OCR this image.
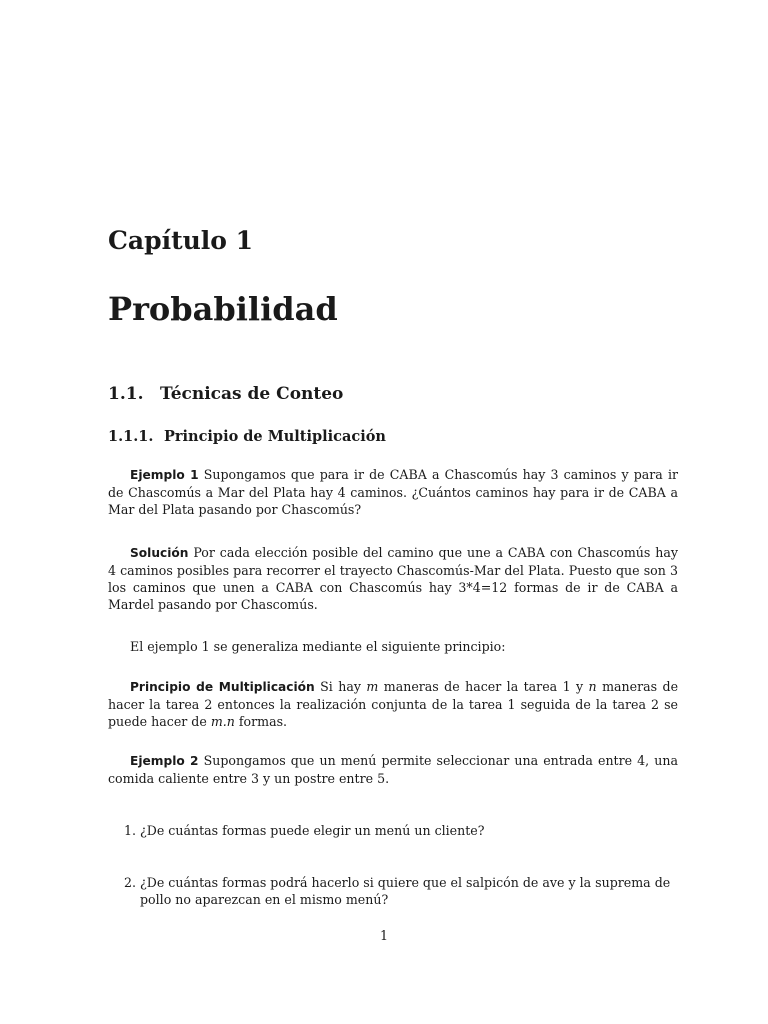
Capítulo 1
Probabilidad
1.1. Técnicas de Conteo
1.1.1. Principio de Multiplicación

Ejemplo 1 Supongamos que para ir de CABA a Chascomús hay 3 caminos y para ir de Chascomús a Mar del Plata hay 4 caminos. ¿Cuántos caminos hay para ir de CABA a Mar del Plata pasando por Chascomús?

Solución Por cada elección posible del camino que une a CABA con Chascomús hay 4 caminos posibles para recorrer el trayecto Chascomús-Mar del Plata. Puesto que son 3 los caminos que unen a CABA con Chascomús hay 3*4=12 formas de ir de CABA a Mardel pasando por Chascomús.

El ejemplo 1 se generaliza mediante el siguiente principio:

Principio de Multiplicación Si hay m maneras de hacer la tarea 1 y n maneras de hacer la tarea 2 entonces la realización conjunta de la tarea 1 seguida de la tarea 2 se puede hacer de m.n formas.

Ejemplo 2 Supongamos que un menú permite seleccionar una entrada entre 4, una comida caliente entre 3 y un postre entre 5.

1. ¿De cuántas formas puede elegir un menú un cliente?
2. ¿De cuántas formas podrá hacerlo si quiere que el salpicón de ave y la suprema de pollo no aparezcan en el mismo menú?

1
